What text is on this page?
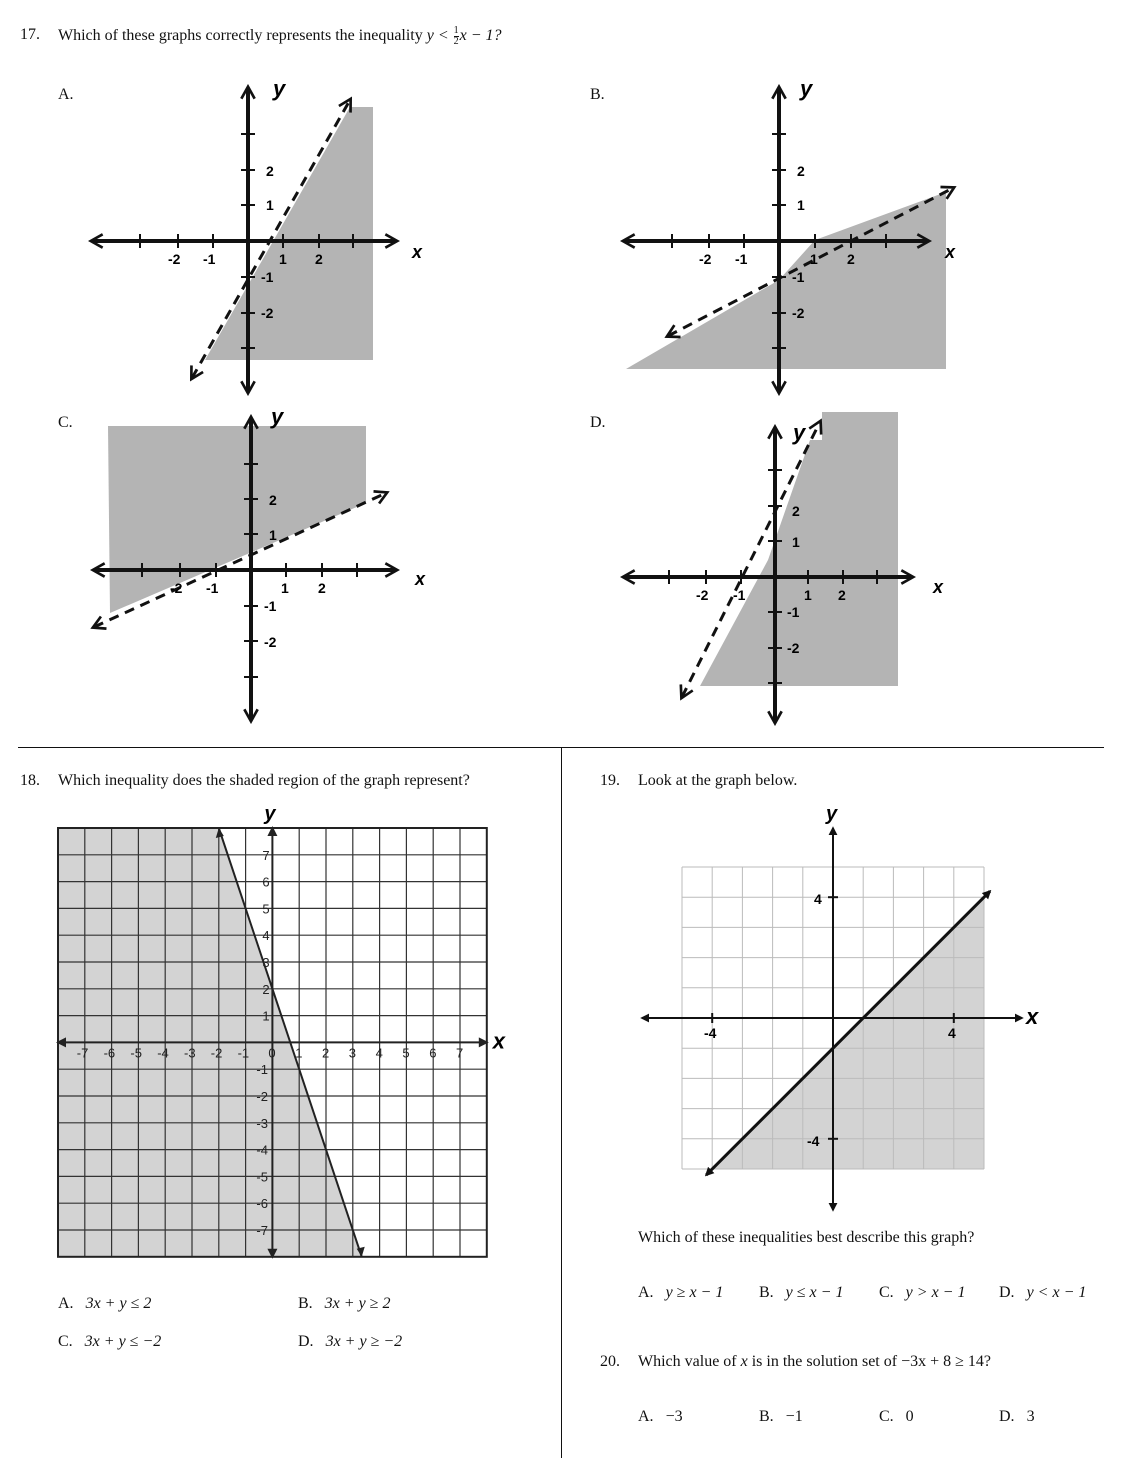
17. Which of these graphs correctly represents the inequality $y < \frac{1}{2}$ x − 1?
A.	B.
C.	D.
y
x
-2 -1	1 2
2
1
-1
-2
y
x
-2 -1	1 2
2
1
-1
-2
y
x
-2 -1	1 2
2
1
-1
-2
y
x
-2 -1	1 2
2
1
-1
-2
18. Which inequality does the shaded region of the graph represent?
-7 -6 -5 -4 -3 -2 -1 0 1 2 3 4 5 6 7
7
6
5
4
3
2
1
-1
-2
-3
-4
-5
-6
-7
y
x
A. 3x + y ≤ 2	B. 3x + y ≥ 2
C. 3x + y ≤ −2	D. 3x + y ≥ −2
19. Look at the graph below.
y
x
-4	4
4
-4
Which of these inequalities best describe this graph?
A. y ≥ x − 1 B. y ≤ x − 1 C. y > x − 1 D. y < x − 1
20. Which value of x is in the solution set of −3x + 8 ≥ 14?
A. −3	B. −1	C. 0	D. 3
